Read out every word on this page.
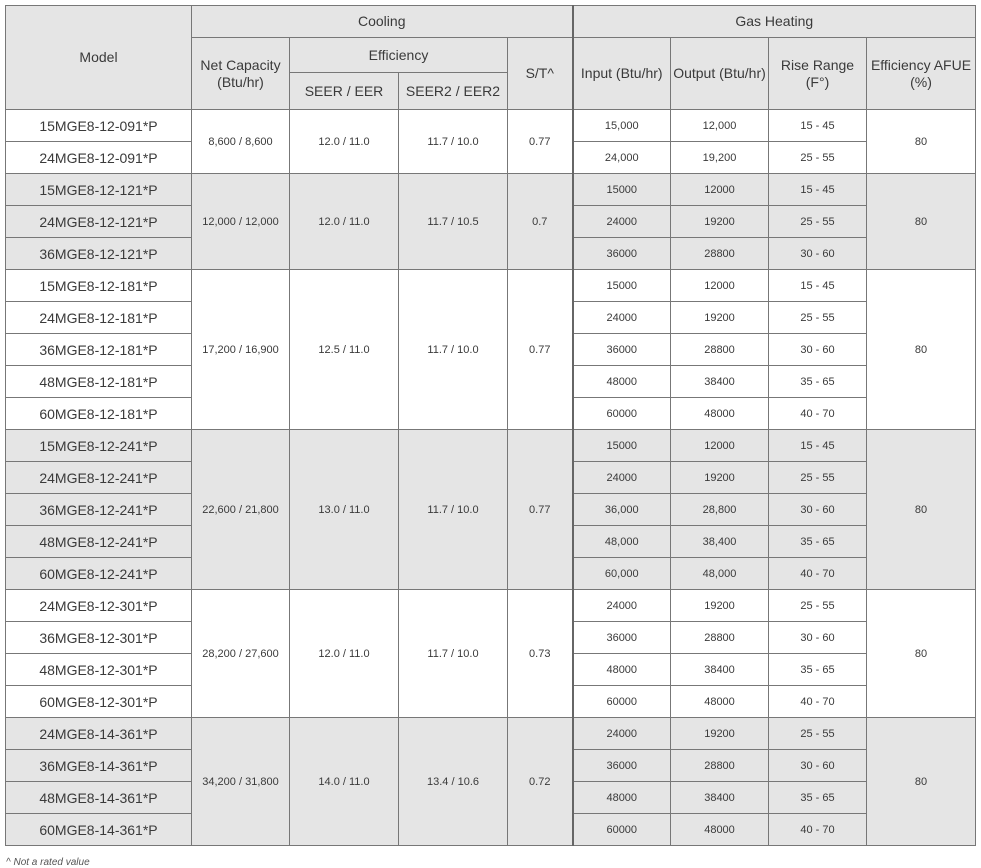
Model	Cooling				Gas Heating			
	Net Capacity (Btu/hr)	Efficiency		S/T^	Input (Btu/hr)	Output (Btu/hr)	Rise Range (F°)	Efficiency AFUE (%)
		SEER / EER	SEER2 / EER2					
15MGE8-12-091*P	8,600 / 8,600	12.0 / 11.0	11.7 / 10.0	0.77	15,000	12,000	15 - 45	80
24MGE8-12-091*P					24,000	19,200	25 - 55	
15MGE8-12-121*P	12,000 / 12,000	12.0 / 11.0	11.7 / 10.5	0.7	15000	12000	15 - 45	80
24MGE8-12-121*P					24000	19200	25 - 55	
36MGE8-12-121*P					36000	28800	30 - 60	
15MGE8-12-181*P	17,200 / 16,900	12.5 / 11.0	11.7 / 10.0	0.77	15000	12000	15 - 45	80
24MGE8-12-181*P					24000	19200	25 - 55	
36MGE8-12-181*P					36000	28800	30 - 60	
48MGE8-12-181*P					48000	38400	35 - 65	
60MGE8-12-181*P					60000	48000	40 - 70	
15MGE8-12-241*P	22,600 / 21,800	13.0 / 11.0	11.7 / 10.0	0.77	15000	12000	15 - 45	80
24MGE8-12-241*P					24000	19200	25 - 55	
36MGE8-12-241*P					36,000	28,800	30 - 60	
48MGE8-12-241*P					48,000	38,400	35 - 65	
60MGE8-12-241*P					60,000	48,000	40 - 70	
24MGE8-12-301*P	28,200 / 27,600	12.0 / 11.0	11.7 / 10.0	0.73	24000	19200	25 - 55	80
36MGE8-12-301*P					36000	28800	30 - 60	
48MGE8-12-301*P					48000	38400	35 - 65	
60MGE8-12-301*P					60000	48000	40 - 70	
24MGE8-14-361*P	34,200 / 31,800	14.0 / 11.0	13.4 / 10.6	0.72	24000	19200	25 - 55	80
36MGE8-14-361*P					36000	28800	30 - 60	
48MGE8-14-361*P					48000	38400	35 - 65	
60MGE8-14-361*P					60000	48000	40 - 70	
^ Not a rated value
